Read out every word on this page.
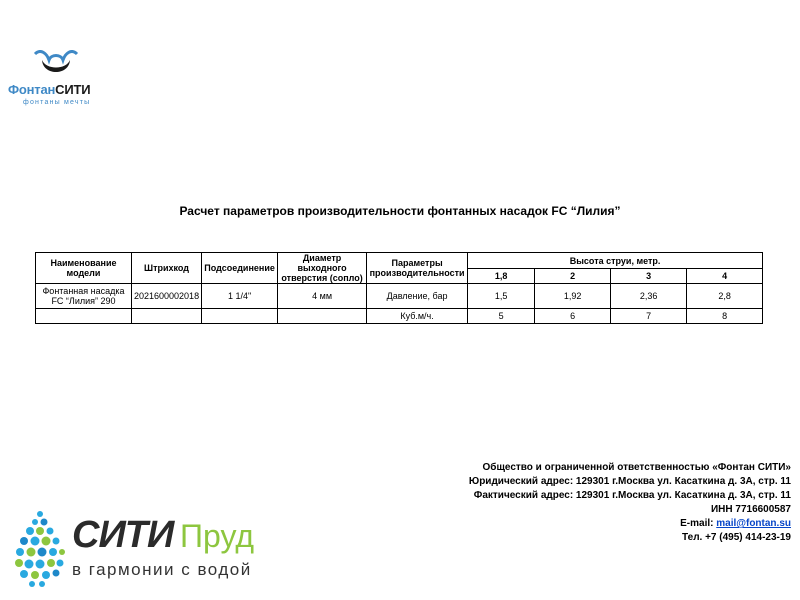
ФонтанСИТИ
фонтаны мечты
Расчет параметров производительности фонтанных насадок FC “Лилия”
Наименование модели	Штрихкод	Подсоединение	Диаметр выходного отверстия (сопло)	Параметры производительности	Высота струи, метр.			
					1,8	2	3	4
Фонтанная насадка FC “Лилия” 290	2021600002018	1 1/4"	4 мм	Давление, бар	1,5	1,92	2,36	2,8
				Куб.м/ч.	5	6	7	8
Общество и ограниченной ответственностью «Фонтан СИТИ»
Юридический адрес: 129301 г.Москва ул. Касаткина д. 3А, стр. 11
Фактический адрес: 129301 г.Москва ул. Касаткина д. 3А, стр. 11
ИНН 7716600587
E-mail: mail@fontan.su
Тел. +7 (495) 414-23-19
СИТИ Пруд
в гармонии с водой
